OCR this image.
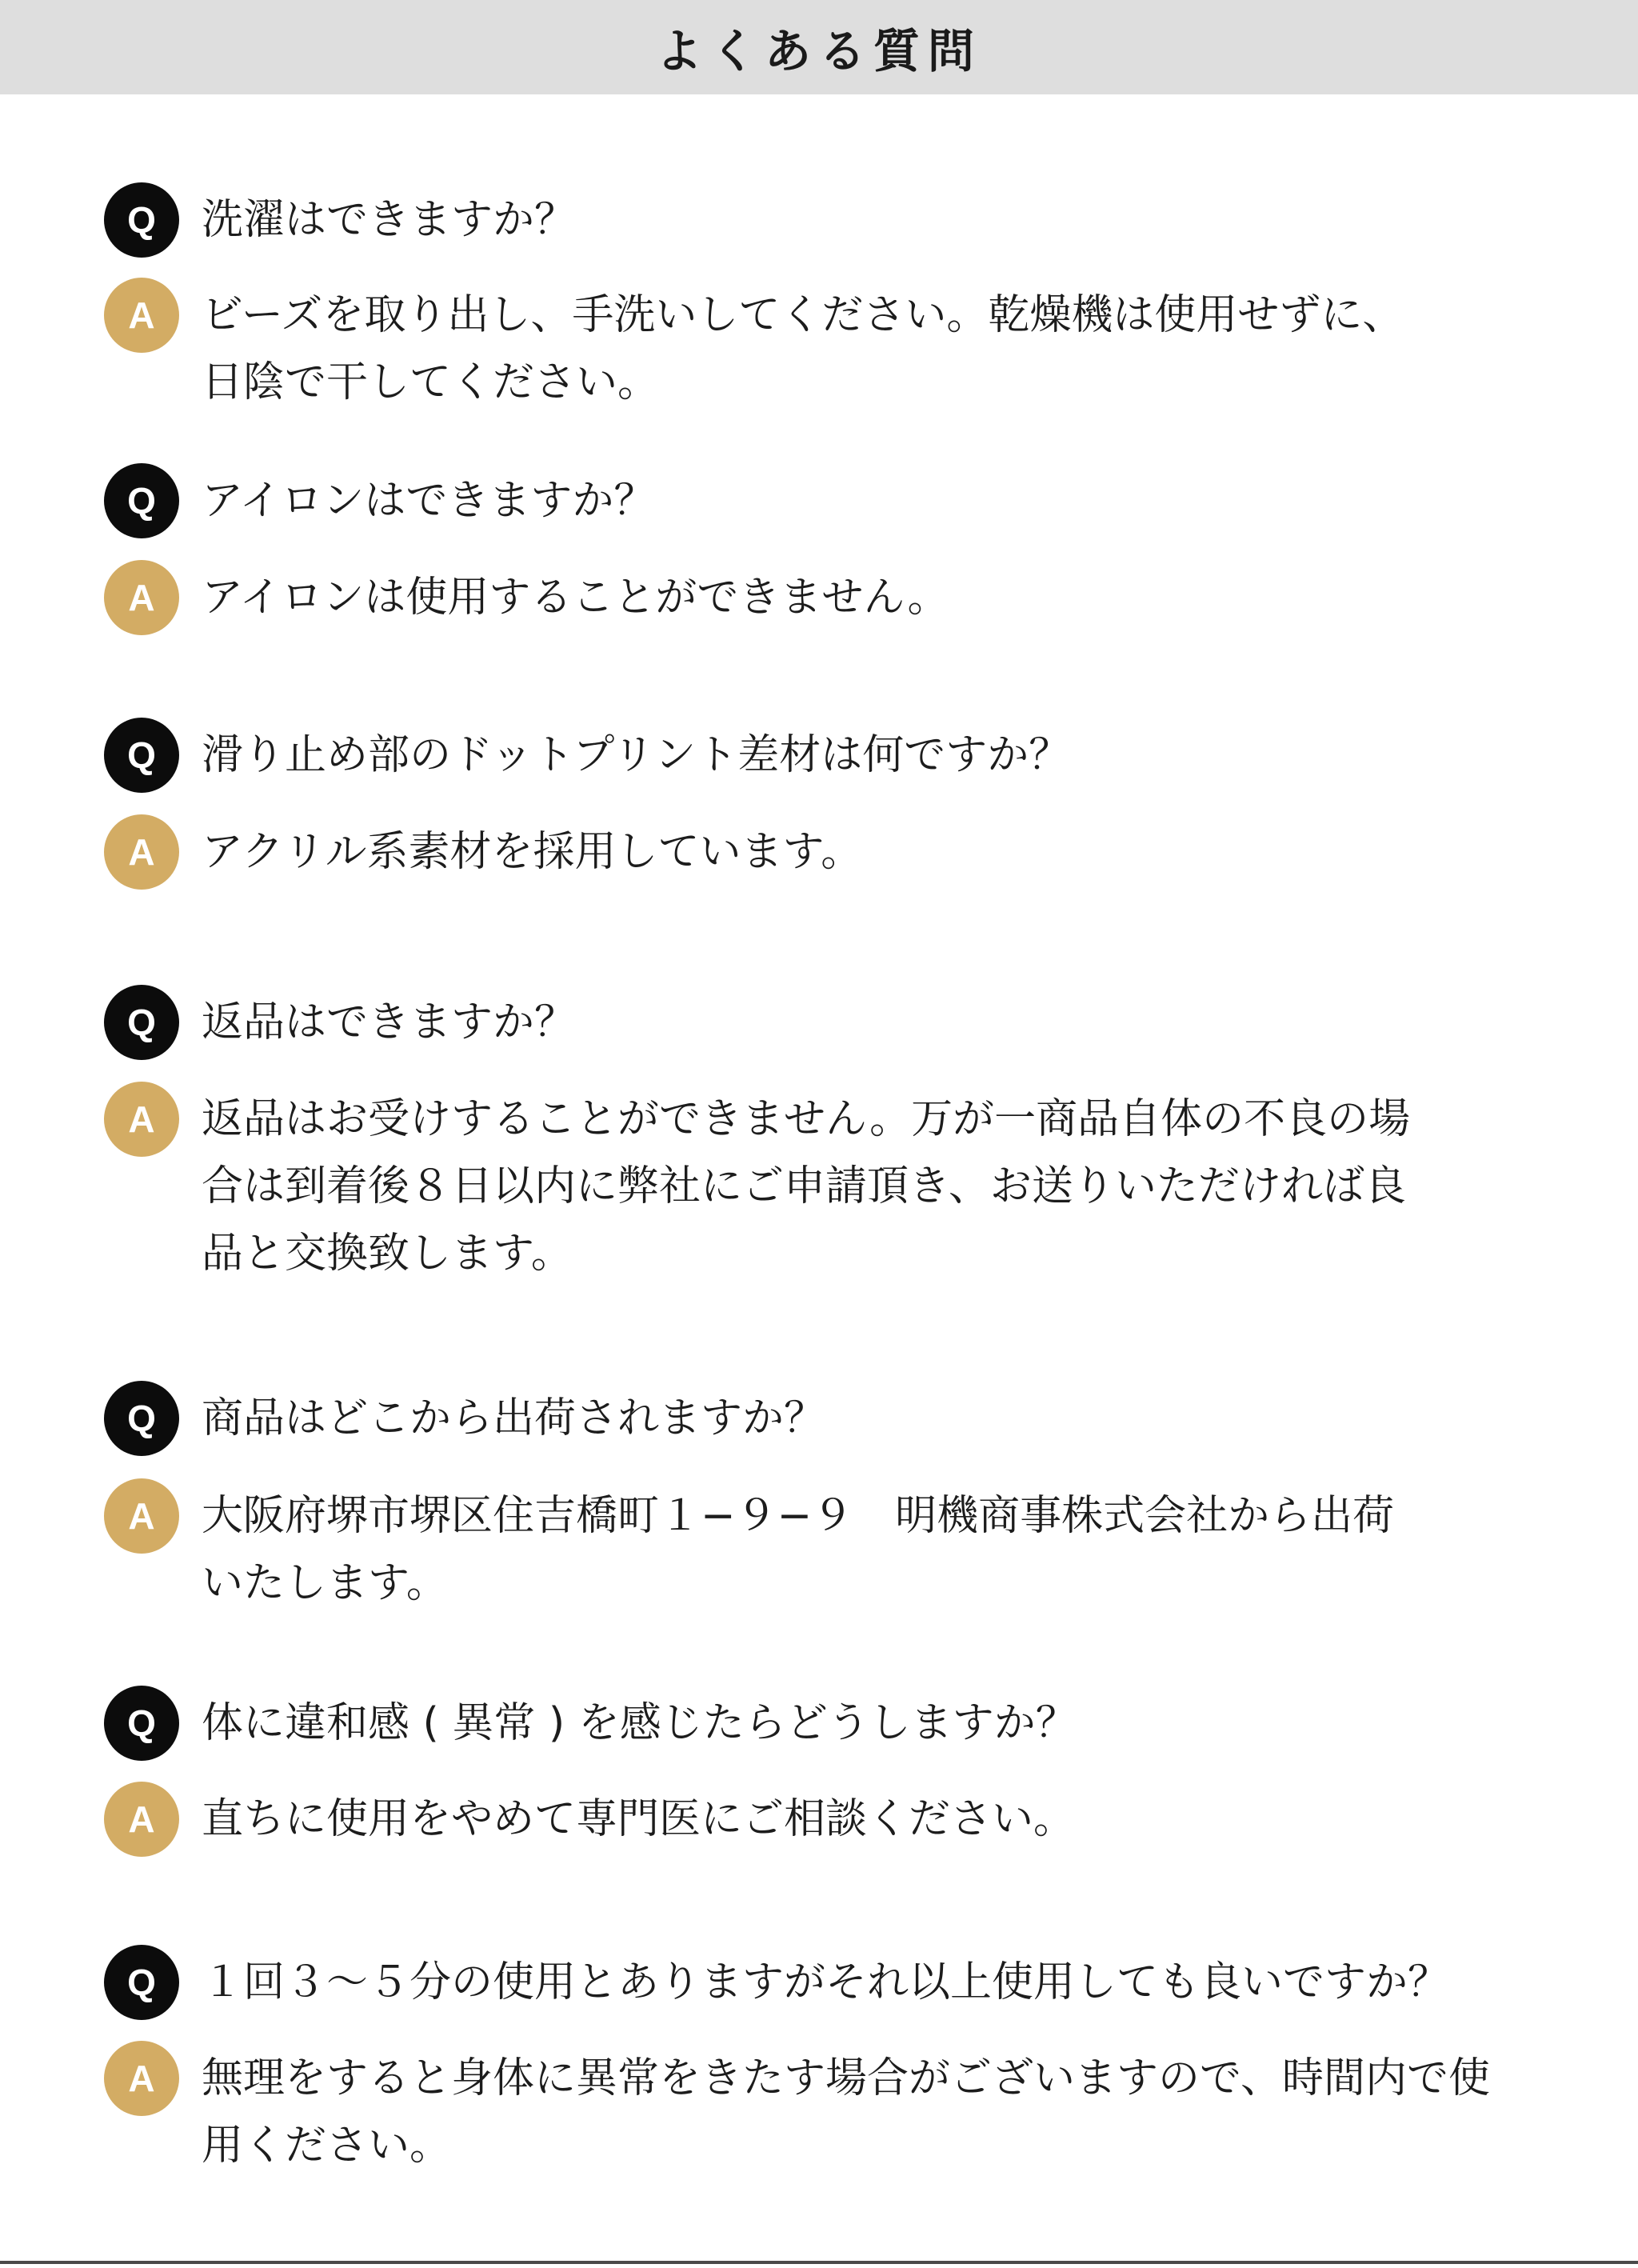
よくある質問
Q	洗濯はできますか？
A	ビーズを取り出し、手洗いしてください。乾燥機は使用せずに、
日陰で干してください。
Q	アイロンはできますか？
A	アイロンは使用することができません。
Q	滑り止め部のドットプリント差材は何ですか？
A	アクリル系素材を採用しています。
Q	返品はできますか？
A	返品はお受けすることができません。万が一商品自体の不良の場
合は到着後８日以内に弊社にご申請頂き、お送りいただければ良
品と交換致します。
Q	商品はどこから出荷されますか？
A	大阪府堺市堺区住吉橋町１−９−９　明機商事株式会社から出荷
いたします。
Q	体に違和感 ( 異常 ) を感じたらどうしますか？
A	直ちに使用をやめて専門医にご相談ください。
Q	１回３〜５分の使用とありますがそれ以上使用しても良いですか？
A	無理をすると身体に異常をきたす場合がございますので、時間内で使
用ください。
